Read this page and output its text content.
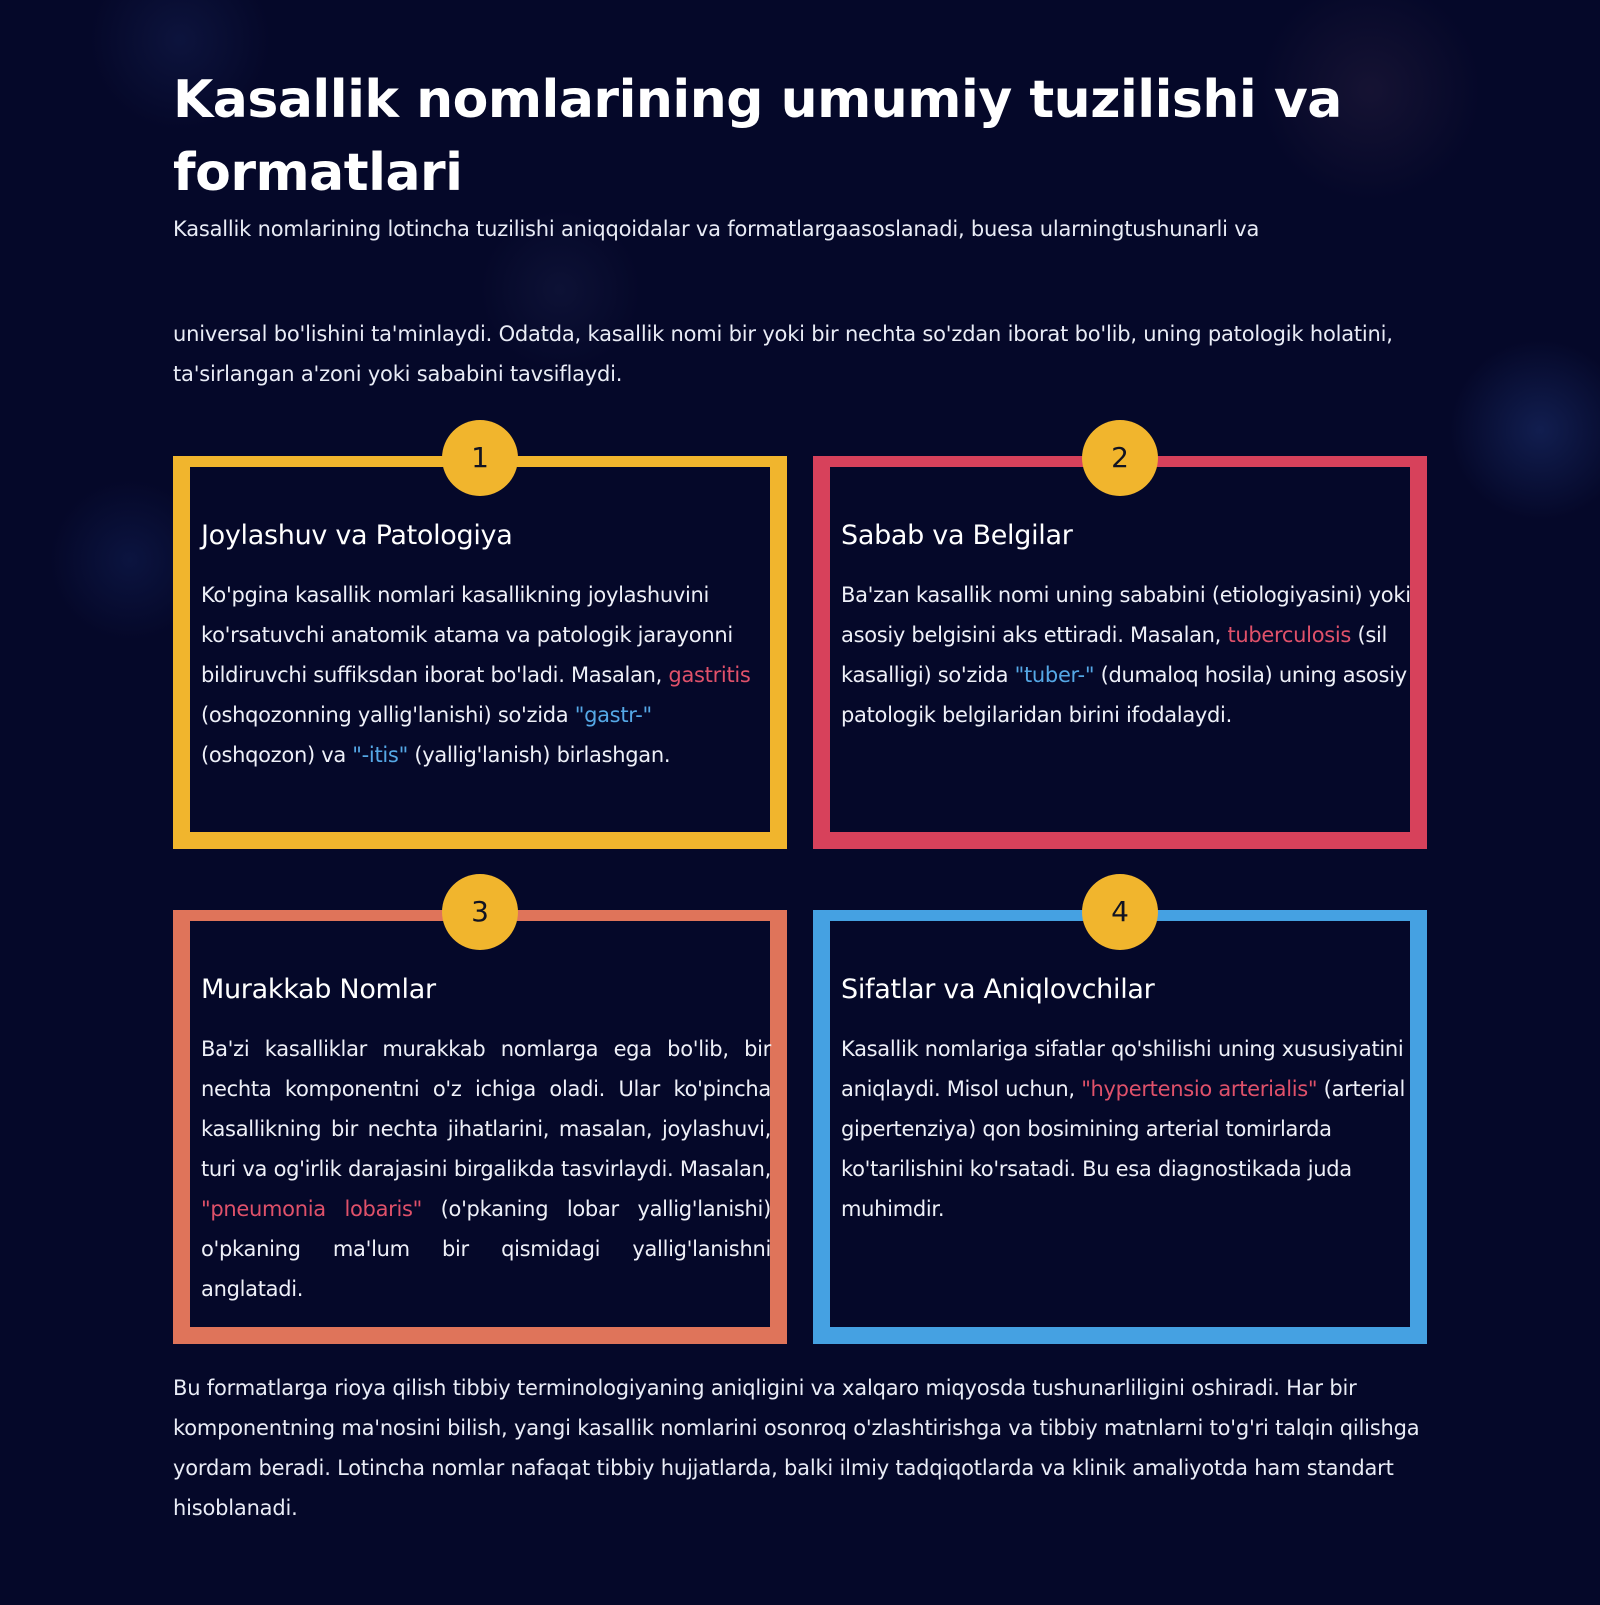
Kasallik nomlarining umumiy tuzilishi va formatlari

Kasallik nomlarining lotincha tuzilishi aniqqoidalar va formatlargaasoslanadi, buesa ularningtushunarli va

universal bo'lishini ta'minlaydi. Odatda, kasallik nomi bir yoki bir nechta so'zdan iborat bo'lib, uning patologik holatini, ta'sirlangan a'zoni yoki sababini tavsiflaydi.

1
Joylashuv va Patologiya

Ko'pgina kasallik nomlari kasallikning joylashuvini ko'rsatuvchi anatomik atama va patologik jarayonni bildiruvchi suffiksdan iborat bo'ladi. Masalan, gastritis (oshqozonning yallig'lanishi) so'zida "gastr-" (oshqozon) va "-itis" (yallig'lanish) birlashgan.

2
Sabab va Belgilar

Ba'zan kasallik nomi uning sababini (etiologiyasini) yoki asosiy belgisini aks ettiradi. Masalan, tuberculosis (sil kasalligi) so'zida "tuber-" (dumaloq hosila) uning asosiy patologik belgilaridan birini ifodalaydi.

3
Murakkab Nomlar

Ba'zi kasalliklar murakkab nomlarga ega bo'lib, bir nechta komponentni o'z ichiga oladi. Ular ko'pincha kasallikning bir nechta jihatlarini, masalan, joylashuvi, turi va og'irlik darajasini birgalikda tasvirlaydi. Masalan, "pneumonia lobaris" (o'pkaning lobar yallig'lanishi) o'pkaning ma'lum bir qismidagi yallig'lanishni anglatadi.

4
Sifatlar va Aniqlovchilar

Kasallik nomlariga sifatlar qo'shilishi uning xususiyatini aniqlaydi. Misol uchun, "hypertensio arterialis" (arterial gipertenziya) qon bosimining arterial tomirlarda ko'tarilishini ko'rsatadi. Bu esa diagnostikada juda muhimdir.

Bu formatlarga rioya qilish tibbiy terminologiyaning aniqligini va xalqaro miqyosda tushunarliligini oshiradi. Har bir komponentning ma'nosini bilish, yangi kasallik nomlarini osonroq o'zlashtirishga va tibbiy matnlarni to'g'ri talqin qilishga yordam beradi. Lotincha nomlar nafaqat tibbiy hujjatlarda, balki ilmiy tadqiqotlarda va klinik amaliyotda ham standart hisoblanadi.
